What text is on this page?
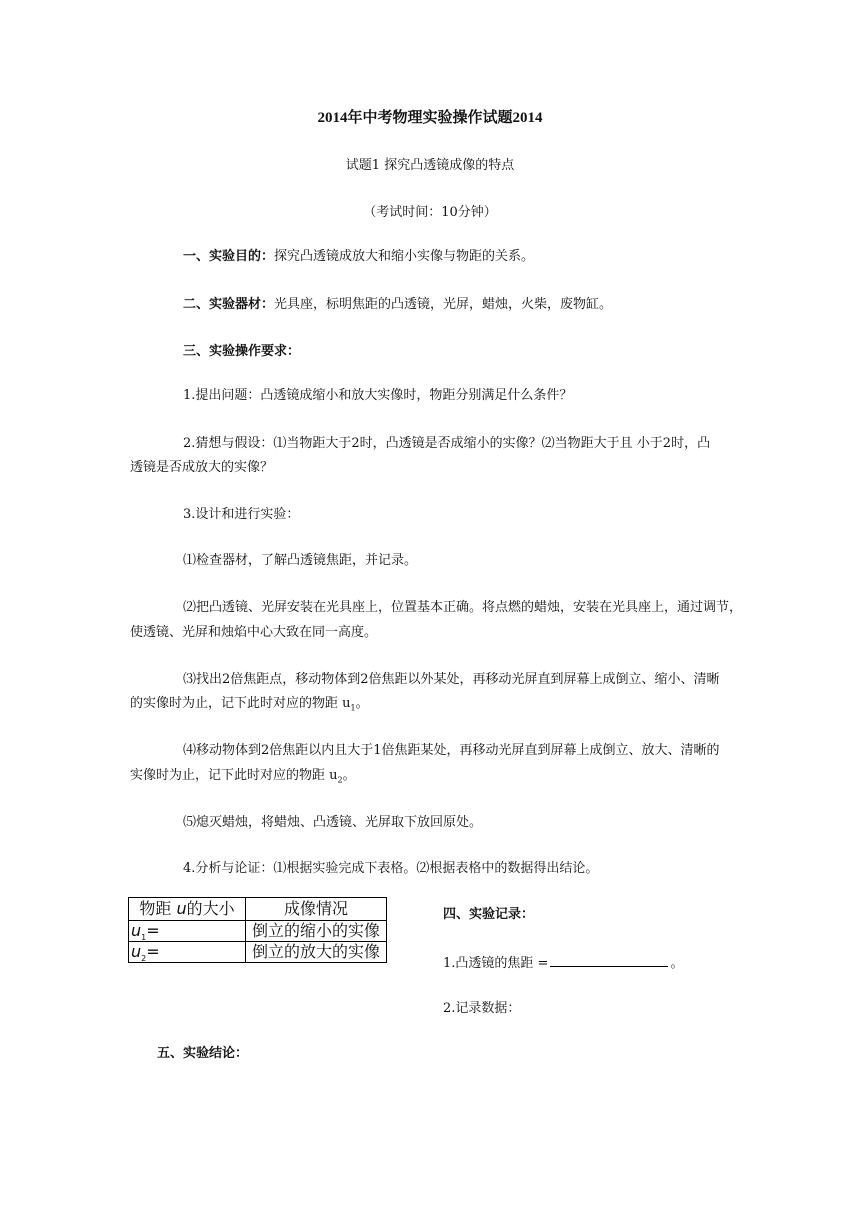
2014年中考物理实验操作试题2014
试题1 探究凸透镜成像的特点
（考试时间：10分钟）
一、实验目的：探究凸透镜成放大和缩小实像与物距的关系。
二、实验器材：光具座，标明焦距的凸透镜，光屏，蜡烛，火柴，废物缸。
三、实验操作要求：
1.提出问题：凸透镜成缩小和放大实像时，物距分别满足什么条件？
2.猜想与假设：⑴当物距大于2时，凸透镜是否成缩小的实像？⑵当物距大于且 小于2时，凸
透镜是否成放大的实像？
3.设计和进行实验：
⑴检查器材，了解凸透镜焦距，并记录。
⑵把凸透镜、光屏安装在光具座上，位置基本正确。将点燃的蜡烛，安装在光具座上，通过调节，
使透镜、光屏和烛焰中心大致在同一高度。
⑶找出2倍焦距点，移动物体到2倍焦距以外某处，再移动光屏直到屏幕上成倒立、缩小、清晰
的实像时为止，记下此时对应的物距 $u_1$。
⑷移动物体到2倍焦距以内且大于1倍焦距某处，再移动光屏直到屏幕上成倒立、放大、清晰的
实像时为止，记下此时对应的物距 $u_2$。
⑸熄灭蜡烛，将蜡烛、凸透镜、光屏取下放回原处。
4.分析与论证：⑴根据实验完成下表格。⑵根据表格中的数据得出结论。
物距 u的大小	成像情况
$u_1=$	倒立的缩小的实像
$u_2=$	倒立的放大的实像
四、实验记录：
1.凸透镜的焦距 =	。
2.记录数据：
五、实验结论：
